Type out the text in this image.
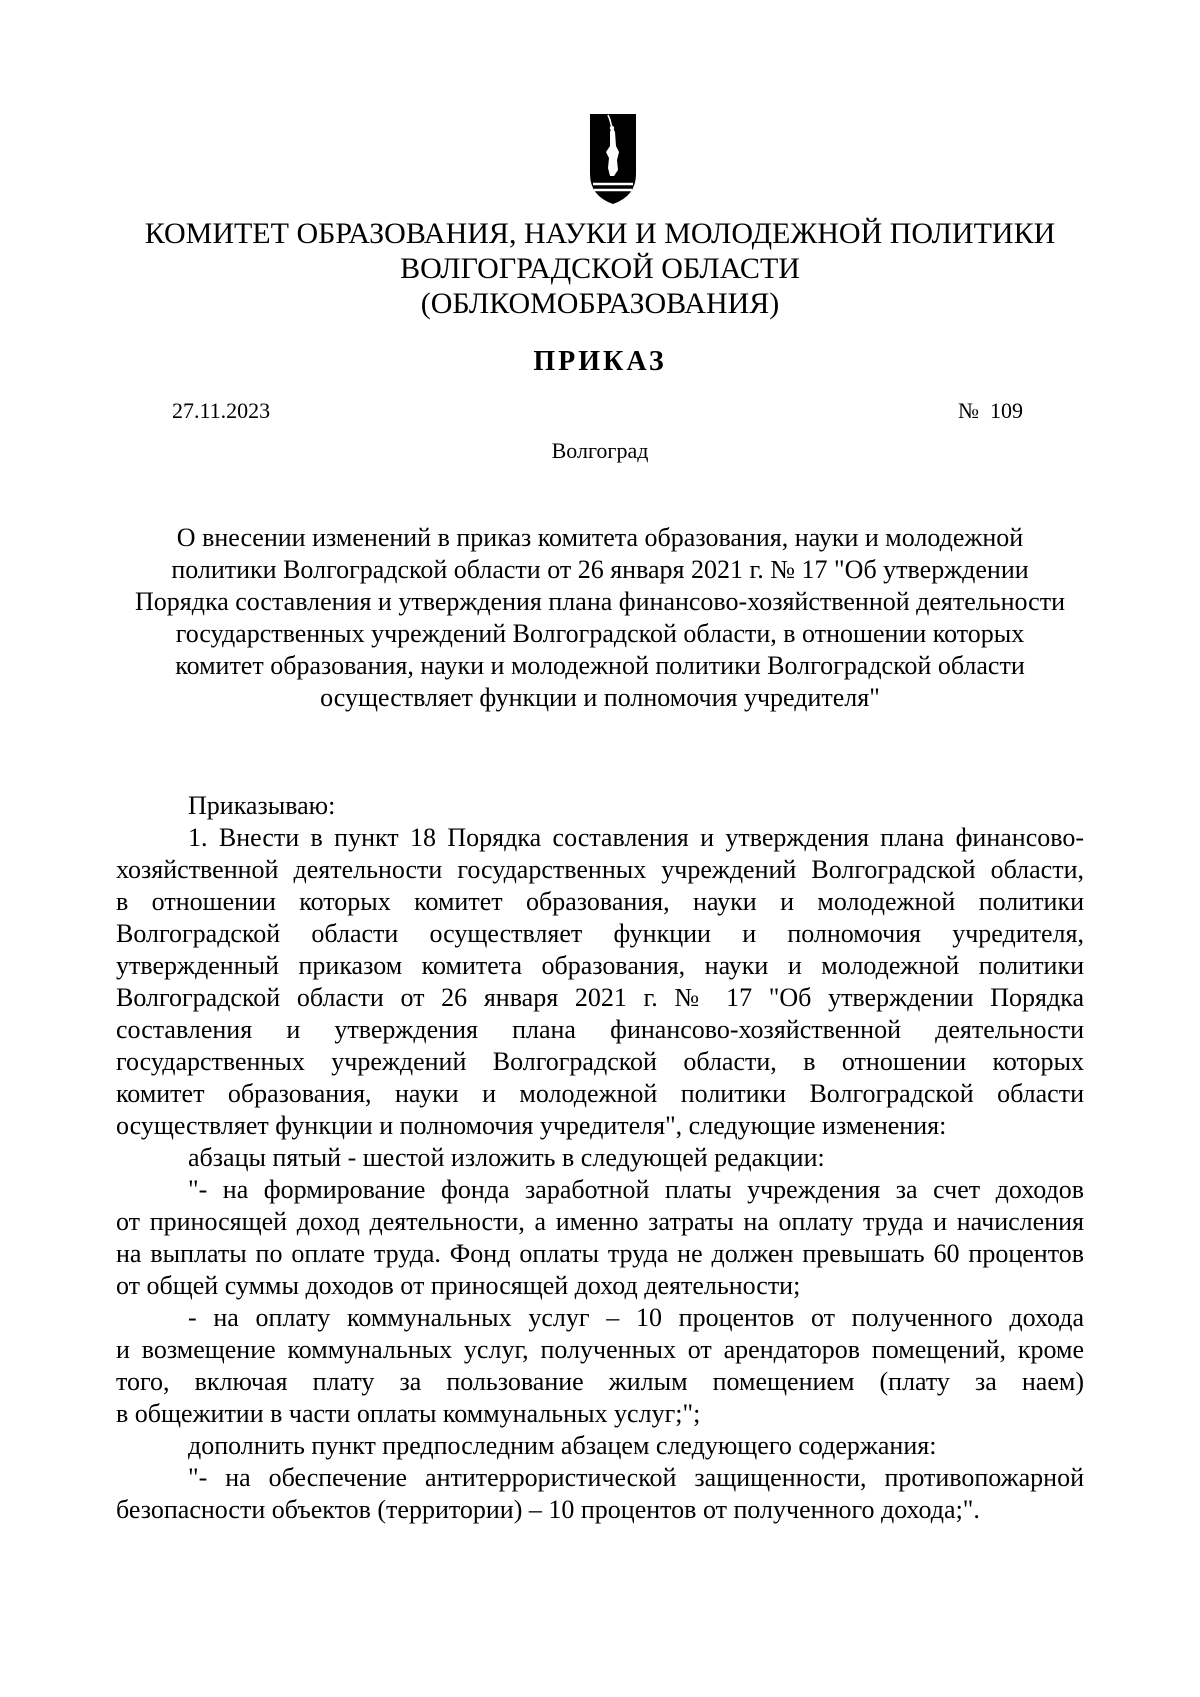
КОМИТЕТ ОБРАЗОВАНИЯ, НАУКИ И МОЛОДЕЖНОЙ ПОЛИТИКИ
ВОЛГОГРАДСКОЙ ОБЛАСТИ
(ОБЛКОМОБРАЗОВАНИЯ)
ПРИКАЗ
27.11.2023	№  109
Волгоград
О внесении изменений в приказ комитета образования, науки и молодежной
политики Волгоградской области от 26 января 2021 г. № 17 "Об утверждении
Порядка составления и утверждения плана финансово-хозяйственной деятельности
государственных учреждений Волгоградской области, в отношении которых
комитет образования, науки и молодежной политики Волгоградской области
осуществляет функции и полномочия учредителя"
Приказываю:
1. Внести в пункт 18 Порядка составления и утверждения плана финансово-
хозяйственной деятельности государственных учреждений Волгоградской области,
в отношении которых комитет образования, науки и молодежной политики
Волгоградской области осуществляет функции и полномочия учредителя,
утвержденный приказом комитета образования, науки и молодежной политики
Волгоградской области от 26 января 2021 г. № 17 "Об утверждении Порядка
составления и утверждения плана финансово-хозяйственной деятельности
государственных учреждений Волгоградской области, в отношении которых
комитет образования, науки и молодежной политики Волгоградской области
осуществляет функции и полномочия учредителя", следующие изменения:
абзацы пятый - шестой изложить в следующей редакции:
"- на формирование фонда заработной платы учреждения за счет доходов
от приносящей доход деятельности, а именно затраты на оплату труда и начисления
на выплаты по оплате труда. Фонд оплаты труда не должен превышать 60 процентов
от общей суммы доходов от приносящей доход деятельности;
- на оплату коммунальных услуг – 10 процентов от полученного дохода
и возмещение коммунальных услуг, полученных от арендаторов помещений, кроме
того, включая плату за пользование жилым помещением (плату за наем)
в общежитии в части оплаты коммунальных услуг;";
дополнить пункт предпоследним абзацем следующего содержания:
"- на обеспечение антитеррористической защищенности, противопожарной
безопасности объектов (территории) – 10 процентов от полученного дохода;".
